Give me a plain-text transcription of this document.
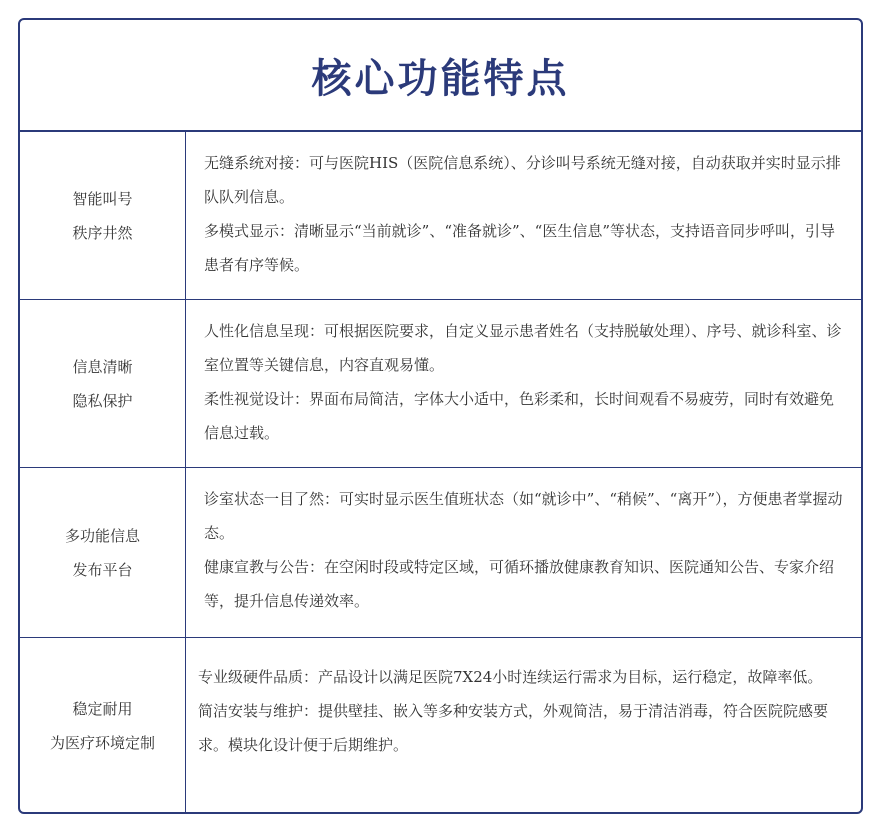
核心功能特点
智能叫号
秩序井然

无缝系统对接：可与医院HIS（医院信息系统）、分诊叫号系统无缝对接，自动获取并实时显示排队队列信息。

多模式显示：清晰显示“当前就诊”、“准备就诊”、“医生信息”等状态，支持语音同步呼叫，引导患者有序等候。

信息清晰
隐私保护

人性化信息呈现：可根据医院要求，自定义显示患者姓名（支持脱敏处理）、序号、就诊科室、诊室位置等关键信息，内容直观易懂。

柔性视觉设计：界面布局简洁，字体大小适中，色彩柔和，长时间观看不易疲劳，同时有效避免信息过载。

多功能信息
发布平台

诊室状态一目了然：可实时显示医生值班状态（如“就诊中”、“稍候”、“离开”），方便患者掌握动态。

健康宣教与公告：在空闲时段或特定区域，可循环播放健康教育知识、医院通知公告、专家介绍等，提升信息传递效率。

稳定耐用
为医疗环境定制

专业级硬件品质：产品设计以满足医院7X24小时连续运行需求为目标，运行稳定，故障率低。

简洁安装与维护：提供壁挂、嵌入等多种安装方式，外观简洁，易于清洁消毒，符合医院院感要求。模块化设计便于后期维护。
